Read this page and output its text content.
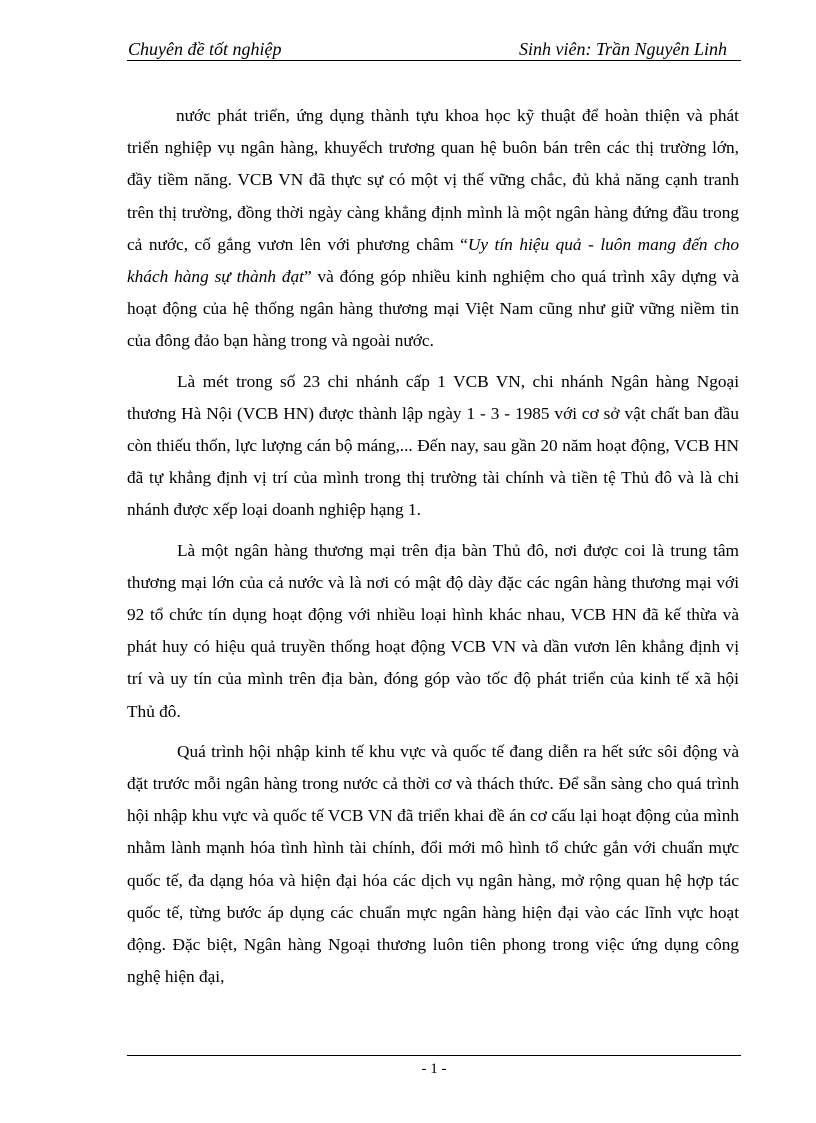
Chuyên đề tốt nghiệp	Sinh viên: Trần Nguyên Linh

nước phát triển, ứng dụng thành tựu khoa học kỹ thuật để hoàn thiện và phát triển nghiệp vụ ngân hàng, khuyếch trương quan hệ buôn bán trên các thị trường lớn, đầy tiềm năng. VCB VN đã thực sự có một vị thế vững chắc, đủ khả năng cạnh tranh trên thị trường, đồng thời ngày càng khẳng định mình là một ngân hàng đứng đầu trong cả nước, cố gắng vươn lên với phương châm “Uy tín hiệu quả - luôn mang đến cho khách hàng sự thành đạt” và đóng góp nhiều kinh nghiệm cho quá trình xây dựng và hoạt động của hệ thống ngân hàng thương mại Việt Nam cũng như giữ vững niềm tin của đông đảo bạn hàng trong và ngoài nước.

Là mét trong số 23 chi nhánh cấp 1 VCB VN, chi nhánh Ngân hàng Ngoại thương Hà Nội (VCB HN) được thành lập ngày 1 - 3 - 1985 với cơ sở vật chất ban đầu còn thiếu thốn, lực lượng cán bộ máng,... Đến nay, sau gần 20 năm hoạt động, VCB HN đã tự khẳng định vị trí của mình trong thị trường tài chính và tiền tệ Thủ đô và là chi nhánh được xếp loại doanh nghiệp hạng 1.

Là một ngân hàng thương mại trên địa bàn Thủ đô, nơi được coi là trung tâm thương mại lớn của cả nước và là nơi có mật độ dày đặc các ngân hàng thương mại với 92 tổ chức tín dụng hoạt động với nhiều loại hình khác nhau, VCB HN đã kế thừa và phát huy có hiệu quả truyền thống hoạt động VCB VN và dần vươn lên khẳng định vị trí và uy tín của mình trên địa bàn, đóng góp vào tốc độ phát triển của kinh tế xã hội Thủ đô.

Quá trình hội nhập kinh tế khu vực và quốc tế đang diễn ra hết sức sôi động và đặt trước mỗi ngân hàng trong nước cả thời cơ và thách thức. Để sẵn sàng cho quá trình hội nhập khu vực và quốc tế VCB VN đã triển khai đề án cơ cấu lại hoạt động của mình nhằm lành mạnh hóa tình hình tài chính, đổi mới mô hình tổ chức gắn với chuẩn mực quốc tế, đa dạng hóa và hiện đại hóa các dịch vụ ngân hàng, mở rộng quan hệ hợp tác quốc tế, từng bước áp dụng các chuẩn mực ngân hàng hiện đại vào các lĩnh vực hoạt động. Đặc biệt, Ngân hàng Ngoại thương luôn tiên phong trong việc ứng dụng công nghệ hiện đại,

- 1 -
